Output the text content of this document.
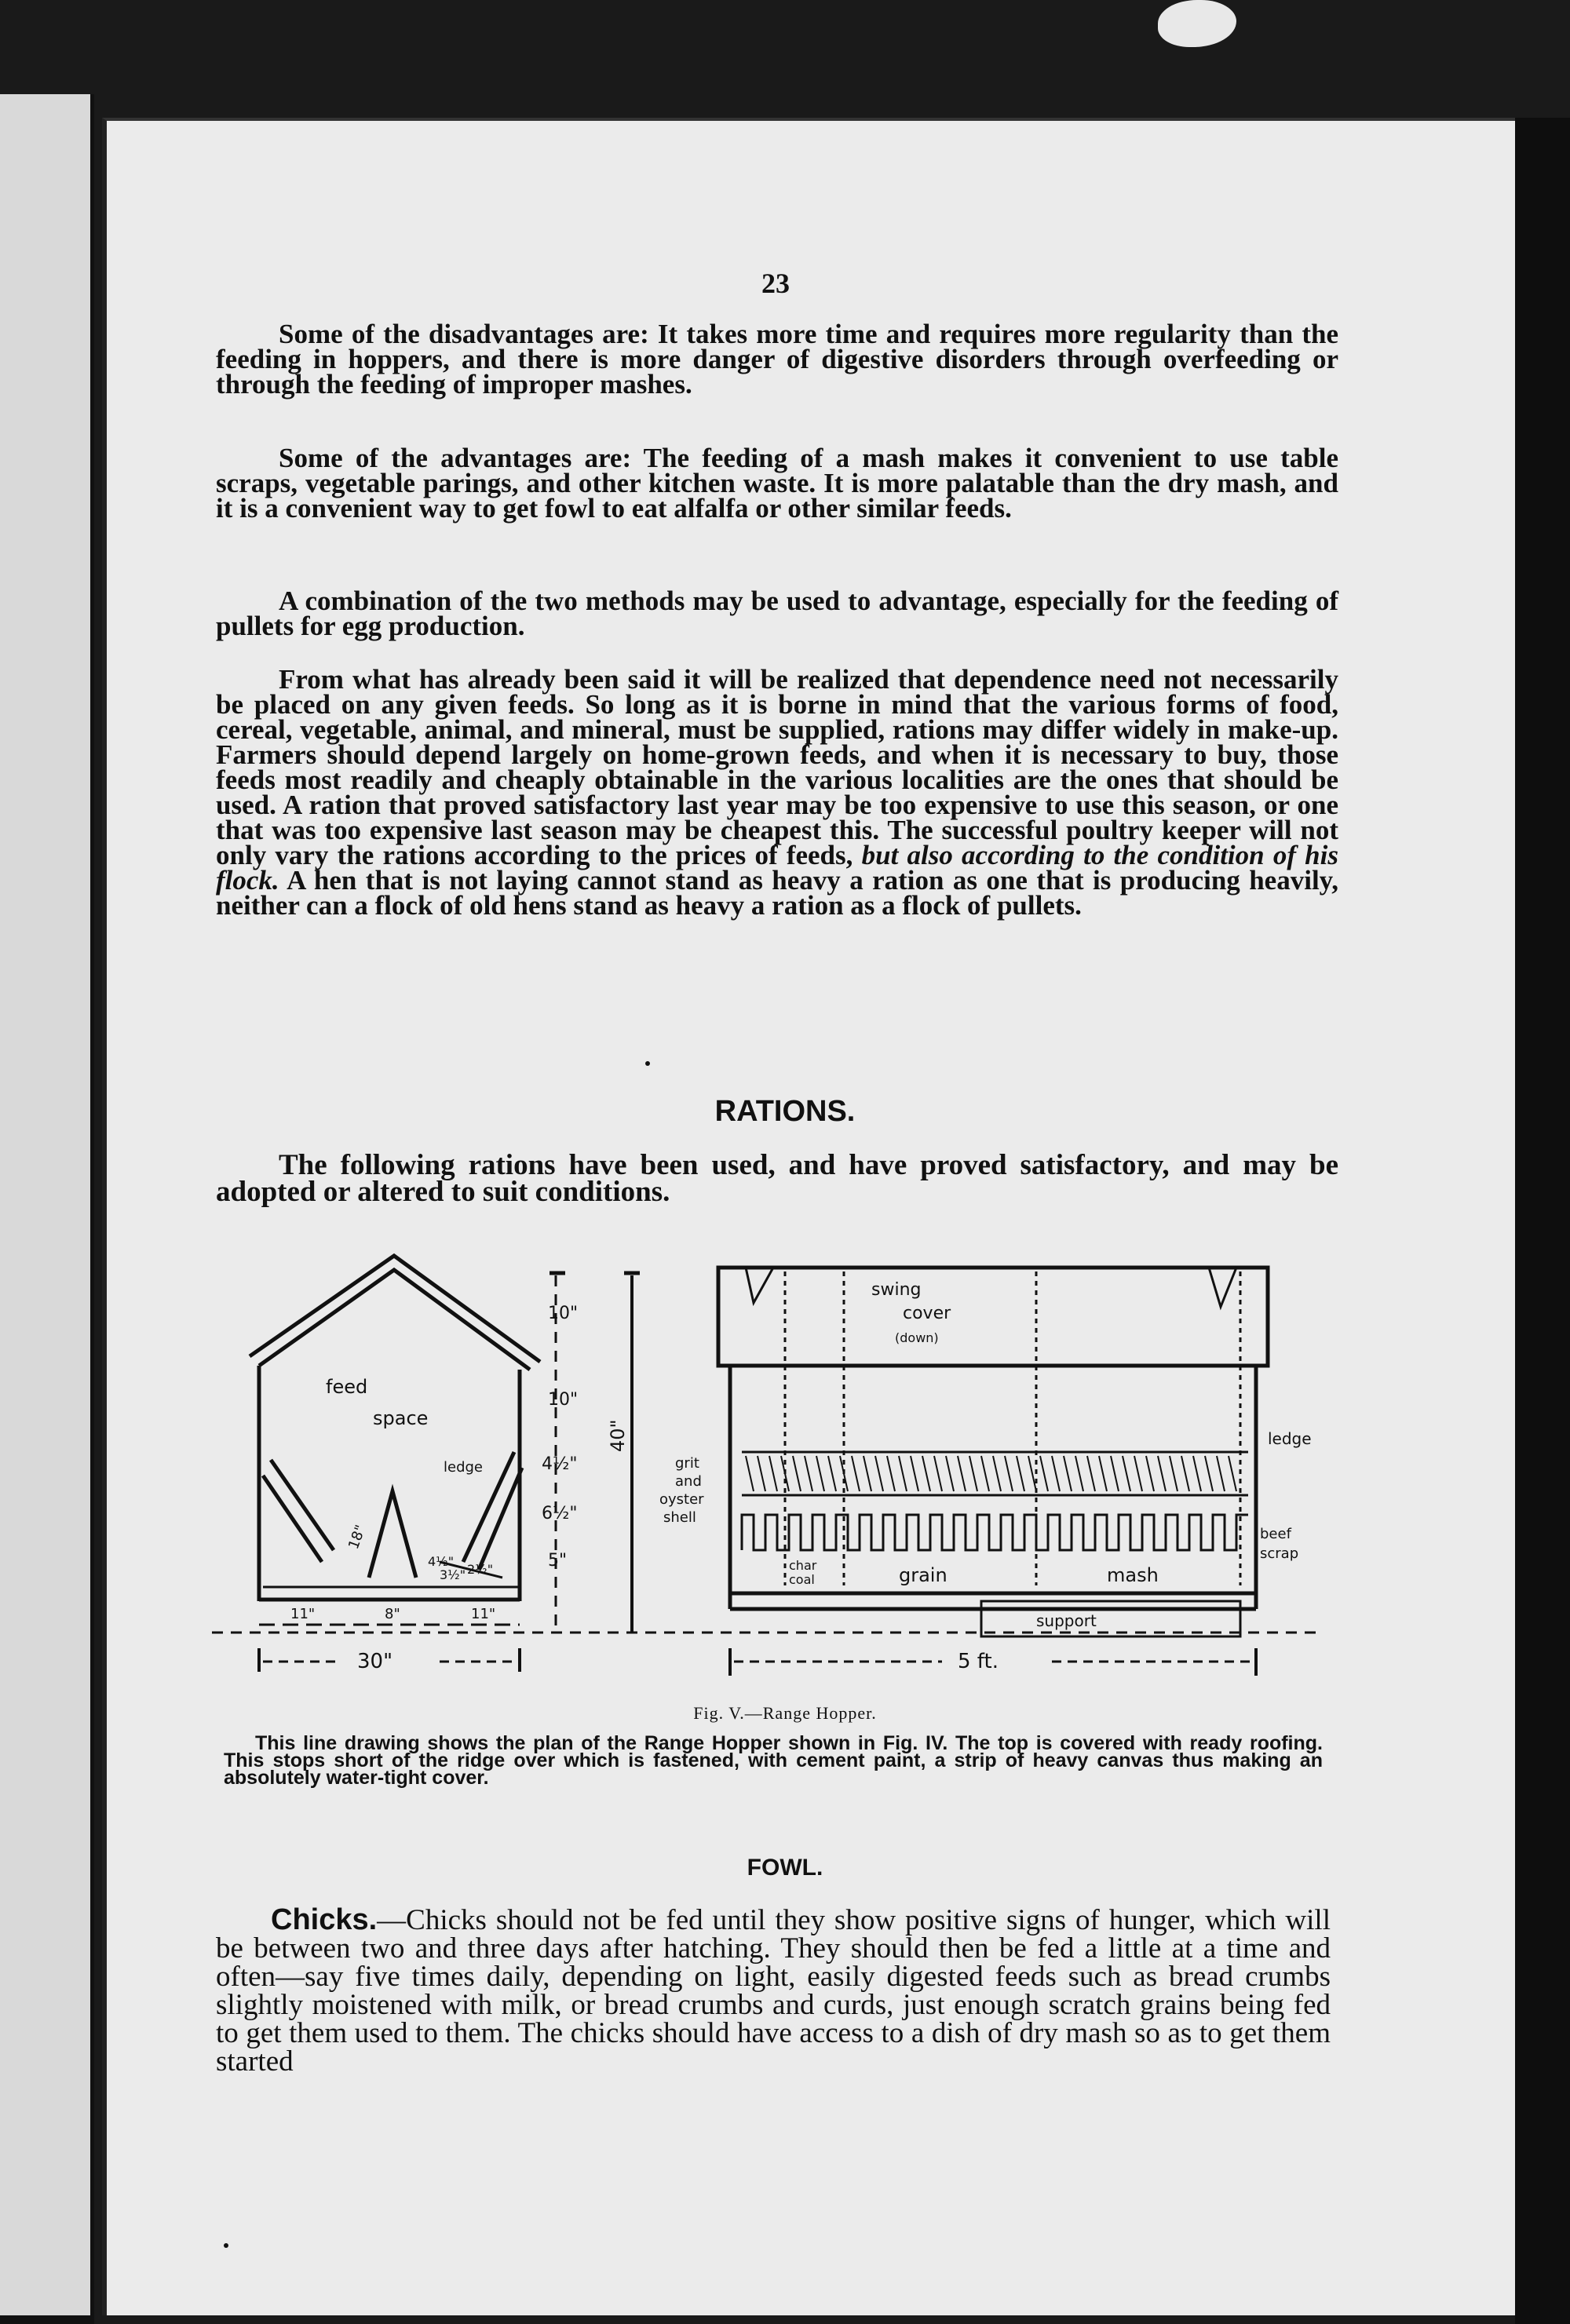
23
Some of the disadvantages are: It takes more time and requires more regularity than the feeding in hoppers, and there is more danger of digestive disorders through overfeeding or through the feeding of improper mashes.
Some of the advantages are: The feeding of a mash makes it convenient to use table scraps, vegetable parings, and other kitchen waste. It is more palatable than the dry mash, and it is a convenient way to get fowl to eat alfalfa or other similar feeds.
A combination of the two methods may be used to advantage, especially for the feeding of pullets for egg production.
From what has already been said it will be realized that dependence need not necessarily be placed on any given feeds. So long as it is borne in mind that the various forms of food, cereal, vegetable, animal, and mineral, must be supplied, rations may differ widely in make-up. Farmers should depend largely on home-grown feeds, and when it is necessary to buy, those feeds most readily and cheaply obtainable in the various localities are the ones that should be used. A ration that proved satisfactory last year may be too expensive to use this season, or one that was too expensive last season may be cheapest this. The successful poultry keeper will not only vary the rations according to the prices of feeds, but also according to the condition of his flock. A hen that is not laying cannot stand as heavy a ration as one that is producing heavily, neither can a flock of old hens stand as heavy a ration as a flock of pullets.
RATIONS.
The following rations have been used, and have proved satisfactory, and may be adopted or altered to suit conditions.
feed
space
ledge
10"
10"
4½"
6½"
5"
40"
18"
4½"
3½" 2½"
11"	8"	11"
30"
swing
cover
(down)
ledge
grit
and
oyster
shell
char
coal	grain	mash
beef
scrap
support
5 ft.
Fig. V.—Range Hopper.
This line drawing shows the plan of the Range Hopper shown in Fig. IV. The top is covered with ready roofing. This stops short of the ridge over which is fastened, with cement paint, a strip of heavy canvas thus making an absolutely water-tight cover.
FOWL.
Chicks.—Chicks should not be fed until they show positive signs of hunger, which will be between two and three days after hatching. They should then be fed a little at a time and often—say five times daily, depending on light, easily digested feeds such as bread crumbs slightly moistened with milk, or bread crumbs and curds, just enough scratch grains being fed to get them used to them. The chicks should have access to a dish of dry mash so as to get them started
